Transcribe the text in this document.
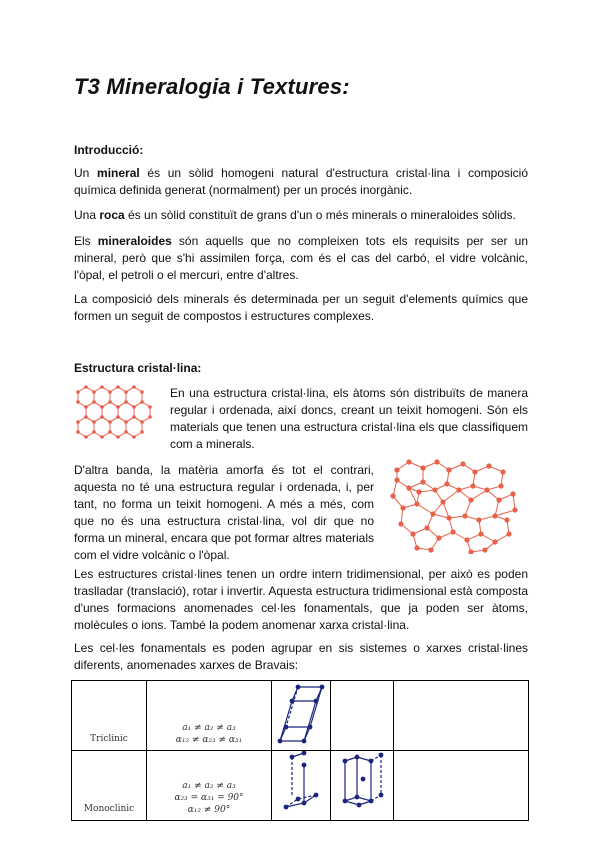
T3 Mineralogia i Textures:
Introducció:
Un mineral és un sòlid homogeni natural d'estructura cristal·lina i composició química definida generat (normalment) per un procés inorgànic.
Una roca és un sòlid constituït de grans d'un o més minerals o mineraloides sòlids.
Els mineraloides són aquells que no compleixen tots els requisits per ser un mineral, però que s'hi assimilen força, com és el cas del carbó, el vidre volcànic, l'òpal, el petroli o el mercuri, entre d'altres.
La composició dels minerals és determinada per un seguit d'elements químics que formen un seguit de compostos i estructures complexes.
Estructura cristal·lina:
En una estructura cristal·lina, els àtoms són distribuïts de manera regular i ordenada, així doncs, creant un teixit homogeni. Són els materials que tenen una estructura cristal·lina els que classifiquem com a minerals.
D'altra banda, la matèria amorfa és tot el contrari, aquesta no té una estructura regular i ordenada, i, per tant, no forma un teixit homogeni. A més a més, com que no és una estructura cristal·lina, vol dir que no forma un mineral, encara que pot formar altres materials com el vidre volcànic o l'òpal.
Les estructures cristal·lines tenen un ordre intern tridimensional, per això es poden traslladar (translació), rotar i invertir. Aquesta estructura tridimensional està composta d'unes formacions anomenades cel·les fonamentals, que ja poden ser àtoms, molècules o ions. També la podem anomenar xarxa cristal·lina.
Les cel·les fonamentals es poden agrupar en sis sistemes o xarxes cristal·lines diferents, anomenades xarxes de Bravais:
Triclinic	a₁ ≠ a₂ ≠ a₃
α₁₂ ≠ α₂₃ ≠ α₃₁

Monoclinic	a₁ ≠ a₂ ≠ a₃
α₂₃ = α₃₁ = 90°
α₁₂ ≠ 90°
